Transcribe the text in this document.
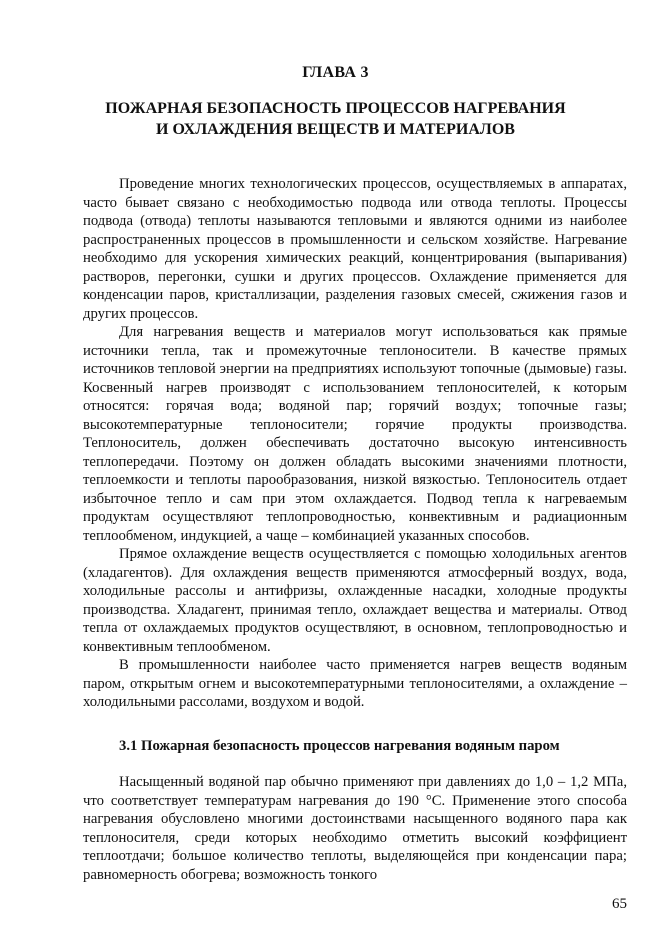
ГЛАВА 3
ПОЖАРНАЯ БЕЗОПАСНОСТЬ ПРОЦЕССОВ НАГРЕВАНИЯ
И ОХЛАЖДЕНИЯ ВЕЩЕСТВ И МАТЕРИАЛОВ

Проведение многих технологических процессов, осуществляемых в аппаратах, часто бывает связано с необходимостью подвода или отвода теплоты. Процессы подвода (отвода) теплоты называются тепловыми и являются одними из наиболее распространенных процессов в промышленности и сельском хозяйстве. Нагревание необходимо для ускорения химических реакций, концентрирования (выпаривания) растворов, перегонки, сушки и других процессов. Охлаждение применяется для конденсации паров, кристаллизации, разделения газовых смесей, сжижения газов и других процессов.

Для нагревания веществ и материалов могут использоваться как прямые источники тепла, так и промежуточные теплоносители. В качестве прямых источников тепловой энергии на предприятиях используют топочные (дымовые) газы. Косвенный нагрев производят с использованием теплоносителей, к которым относятся: горячая вода; водяной пар; горячий воздух; топочные газы; высокотемпературные теплоносители; горячие продукты производства. Теплоноситель, должен обеспечивать достаточно высокую интенсивность теплопередачи. Поэтому он должен обладать высокими значениями плотности, теплоемкости и теплоты парообразования, низкой вязкостью. Теплоноситель отдает избыточное тепло и сам при этом охлаждается. Подвод тепла к нагреваемым продуктам осуществляют теплопроводностью, конвективным и радиационным теплообменом, индукцией, а чаще – комбинацией указанных способов.

Прямое охлаждение веществ осуществляется с помощью холодильных агентов (хладагентов). Для охлаждения веществ применяются атмосферный воздух, вода, холодильные рассолы и антифризы, охлажденные насадки, холодные продукты производства. Хладагент, принимая тепло, охлаждает вещества и материалы. Отвод тепла от охлаждаемых продуктов осуществляют, в основном, теплопроводностью и конвективным теплообменом.

В промышленности наиболее часто применяется нагрев веществ водяным паром, открытым огнем и высокотемпературными теплоносителями, а охлаждение – холодильными рассолами, воздухом и водой.

3.1 Пожарная безопасность процессов нагревания водяным паром

Насыщенный водяной пар обычно применяют при давлениях до 1,0 – 1,2 МПа, что соответствует температурам нагревания до 190 °С. Применение этого способа нагревания обусловлено многими достоинствами насыщенного водяного пара как теплоносителя, среди которых необходимо отметить высокий коэффициент теплоотдачи; большое количество теплоты, выделяющейся при конденсации пара; равномерность обогрева; возможность тонкого

65
